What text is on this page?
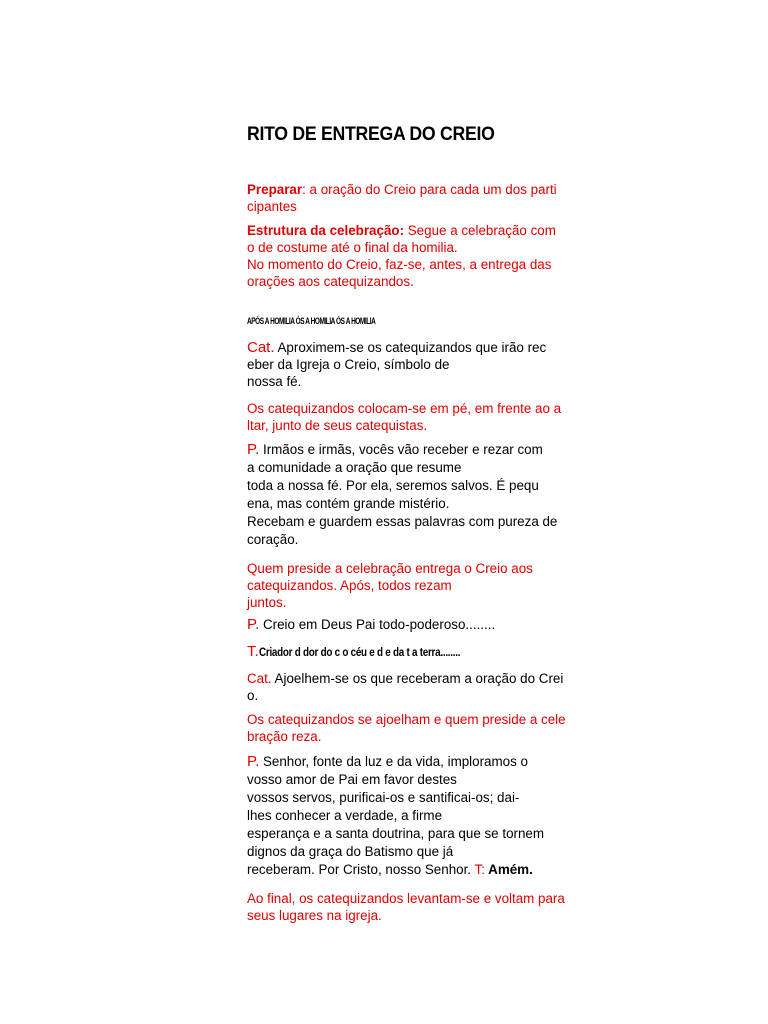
RITO DE ENTREGA DO CREIO
Preparar: a oração do Creio para cada um dos parti
cipantes
Estrutura da celebração: Segue a celebração com
o de costume até o final da homilia.
No momento do Creio, faz-se, antes, a entrega das
orações aos catequizandos.
APÓS A HOMILIA ÓS A HOMILIA ÓS A HOMILIA
Cat. Aproximem-se os catequizandos que irão rec
eber da Igreja o Creio, símbolo de
nossa fé.
Os catequizandos colocam-se em pé, em frente ao a
ltar, junto de seus catequistas.
P. Irmãos e irmãs, vocês vão receber e rezar com
a comunidade a oração que resume
toda a nossa fé. Por ela, seremos salvos. É pequ
ena, mas contém grande mistério.
Recebam e guardem essas palavras com pureza de
coração.
Quem preside a celebração entrega o Creio aos
catequizandos. Após, todos rezam
juntos.
P. Creio em Deus Pai todo-poderoso........
T.Criador d dor do c o céu e d e da t a terra........
Cat. Ajoelhem-se os que receberam a oração do Crei
o.
Os catequizandos se ajoelham e quem preside a cele
bração reza.
P. Senhor, fonte da luz e da vida, imploramos o
vosso amor de Pai em favor destes
vossos servos, purificai-os e santificai-os; dai-
lhes conhecer a verdade, a firme
esperança e a santa doutrina, para que se tornem
dignos da graça do Batismo que já
receberam. Por Cristo, nosso Senhor. T: Amém.
Ao final, os catequizandos levantam-se e voltam para
seus lugares na igreja.
